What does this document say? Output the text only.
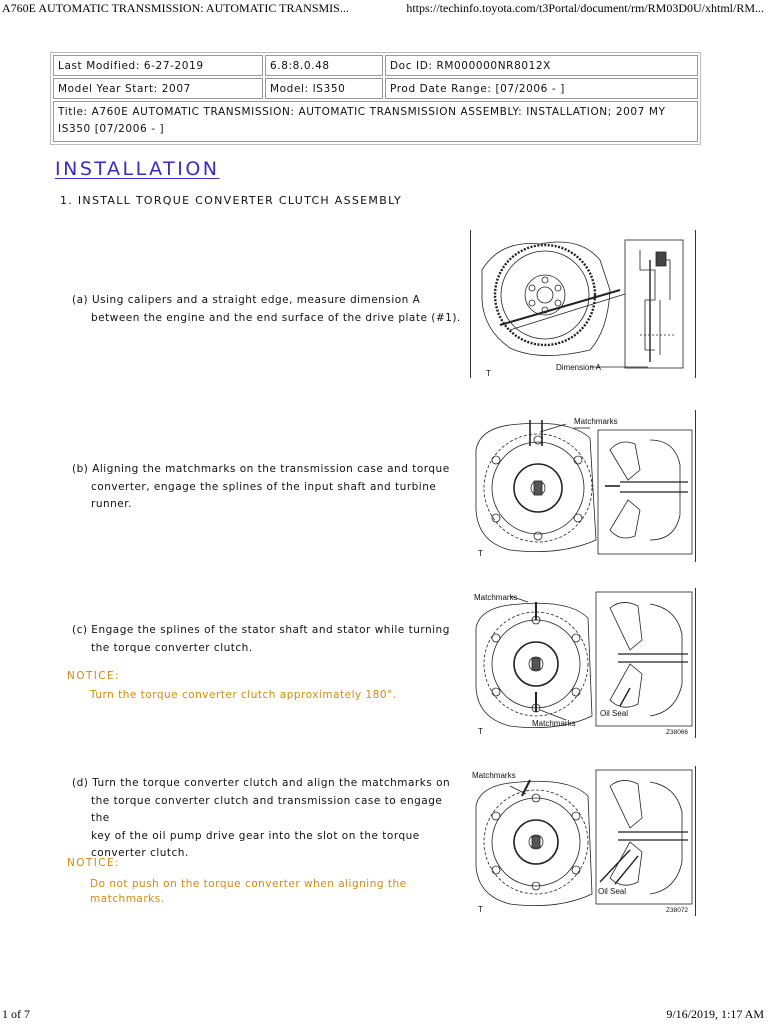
A760E AUTOMATIC TRANSMISSION: AUTOMATIC TRANSMIS...	https://techinfo.toyota.com/t3Portal/document/rm/RM03D0U/xhtml/RM...
Last Modified: 6-27-2019	6.8:8.0.48	Doc ID: RM000000NR8012X
Model Year Start: 2007	Model: IS350	Prod Date Range: [07/2006 - ]
Title: A760E AUTOMATIC TRANSMISSION: AUTOMATIC TRANSMISSION ASSEMBLY: INSTALLATION; 2007 MY
IS350 [07/2006 - ]		
INSTALLATION
1. INSTALL TORQUE CONVERTER CLUTCH ASSEMBLY
(a) Using calipers and a straight edge, measure dimension A
between the engine and the end surface of the drive plate (#1).
Dimension A
T
(b) Aligning the matchmarks on the transmission case and torque
converter, engage the splines of the input shaft and turbine
runner.
Matchmarks
T
(c) Engage the splines of the stator shaft and stator while turning
the torque converter clutch.
NOTICE:
Turn the torque converter clutch approximately 180°.
Matchmarks
Oil Seal
Matchmarks
T	Z38066
(d) Turn the torque converter clutch and align the matchmarks on
the torque converter clutch and transmission case to engage the
key of the oil pump drive gear into the slot on the torque
converter clutch.
NOTICE:
Do not push on the torque converter when aligning the matchmarks.
Matchmarks
Oil Seal
T	Z38072
1 of 7	9/16/2019, 1:17 AM
